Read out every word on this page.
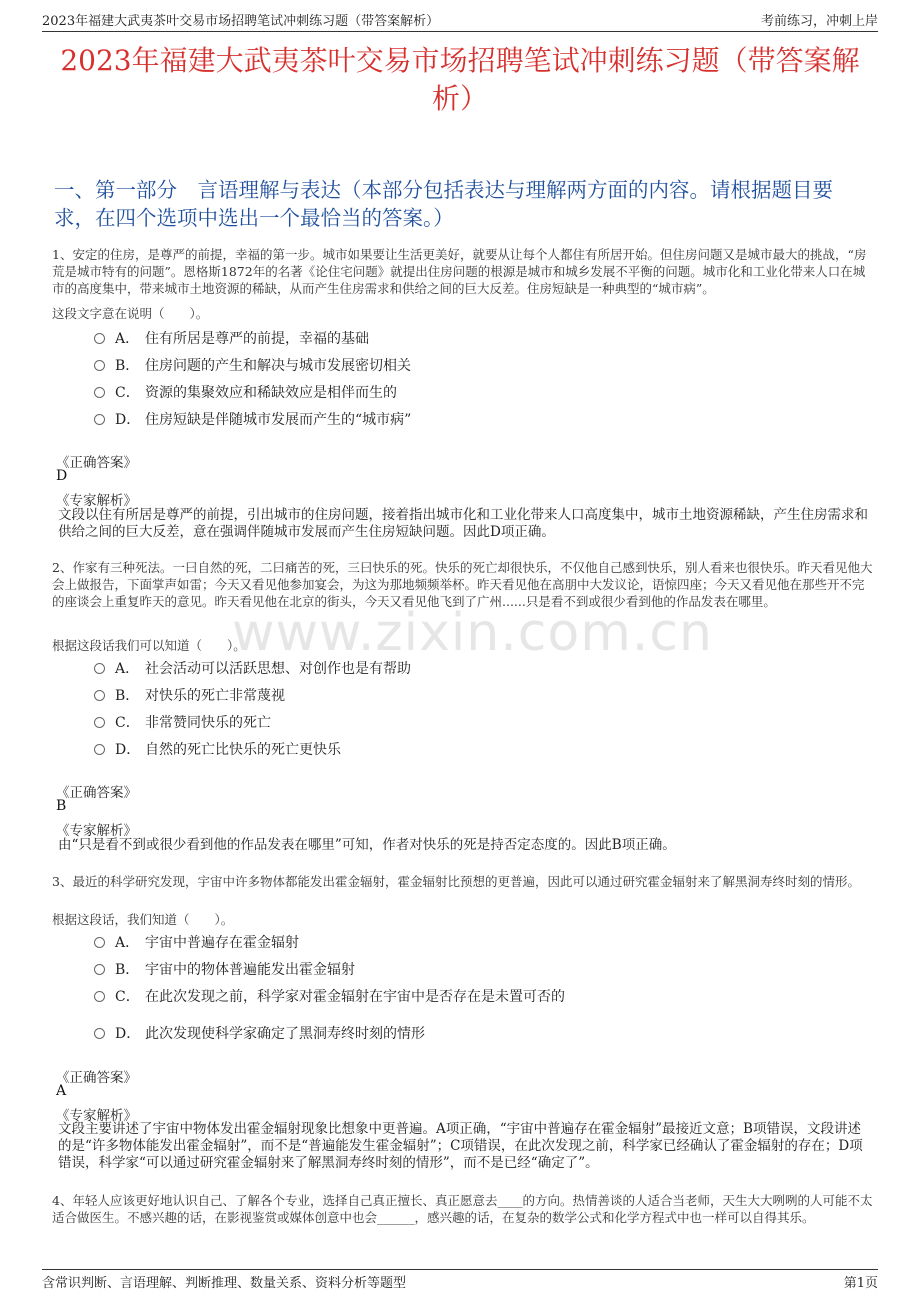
2023年福建大武夷茶叶交易市场招聘笔试冲刺练习题（带答案解析）	考前练习，冲刺上岸
2023年福建大武夷茶叶交易市场招聘笔试冲刺练习题（带答案解析）
一、第一部分　言语理解与表达（本部分包括表达与理解两方面的内容。请根据题目要求，在四个选项中选出一个最恰当的答案。）
www.zixin.com.cn
1、安定的住房，是尊严的前提，幸福的第一步。城市如果要让生活更美好，就要从让每个人都住有所居开始。但住房问题又是城市最大的挑战，“房荒是城市特有的问题”。恩格斯1872年的名著《论住宅问题》就提出住房问题的根源是城市和城乡发展不平衡的问题。城市化和工业化带来人口在城市的高度集中，带来城市土地资源的稀缺，从而产生住房需求和供给之间的巨大反差。住房短缺是一种典型的“城市病”。
这段文字意在说明（　　）。
A． 住有所居是尊严的前提，幸福的基础
B． 住房问题的产生和解决与城市发展密切相关
C． 资源的集聚效应和稀缺效应是相伴而生的
D． 住房短缺是伴随城市发展而产生的“城市病”
《正确答案》
D
《专家解析》
文段以住有所居是尊严的前提，引出城市的住房问题，接着指出城市化和工业化带来人口高度集中，城市土地资源稀缺，产生住房需求和供给之间的巨大反差，意在强调伴随城市发展而产生住房短缺问题。因此D项正确。
2、作家有三种死法。一曰自然的死，二曰痛苦的死，三曰快乐的死。快乐的死亡却很快乐，不仅他自己感到快乐，别人看来也很快乐。昨天看见他大会上做报告，下面掌声如雷；今天又看见他参加宴会，为这为那地频频举杯。昨天看见他在高朋中大发议论，语惊四座；今天又看见他在那些开不完的座谈会上重复昨天的意见。昨天看见他在北京的街头，今天又看见他飞到了广州......只是看不到或很少看到他的作品发表在哪里。
根据这段话我们可以知道（　　）。
A． 社会活动可以活跃思想、对创作也是有帮助
B． 对快乐的死亡非常蔑视
C． 非常赞同快乐的死亡
D． 自然的死亡比快乐的死亡更快乐
《正确答案》
B
《专家解析》
由“只是看不到或很少看到他的作品发表在哪里”可知，作者对快乐的死是持否定态度的。因此B项正确。
3、最近的科学研究发现，宇宙中许多物体都能发出霍金辐射，霍金辐射比预想的更普遍，因此可以通过研究霍金辐射来了解黑洞寿终时刻的情形。
根据这段话，我们知道（　　）。
A． 宇宙中普遍存在霍金辐射
B． 宇宙中的物体普遍能发出霍金辐射
C． 在此次发现之前，科学家对霍金辐射在宇宙中是否存在是未置可否的
D． 此次发现使科学家确定了黑洞寿终时刻的情形
《正确答案》
A
《专家解析》
文段主要讲述了宇宙中物体发出霍金辐射现象比想象中更普遍。A项正确，“宇宙中普遍存在霍金辐射”最接近文意；B项错误，文段讲述的是“许多物体能发出霍金辐射”，而不是“普遍能发生霍金辐射”；C项错误，在此次发现之前，科学家已经确认了霍金辐射的存在；D项错误，科学家“可以通过研究霍金辐射来了解黑洞寿终时刻的情形”，而不是已经“确定了”。
4、年轻人应该更好地认识自己、了解各个专业，选择自己真正擅长、真正愿意去____的方向。热情善谈的人适合当老师，天生大大咧咧的人可能不太适合做医生。不感兴趣的话，在影视鉴赏或媒体创意中也会______，感兴趣的话，在复杂的数学公式和化学方程式中也一样可以自得其乐。
含常识判断、言语理解、判断推理、数量关系、资料分析等题型	第1页
